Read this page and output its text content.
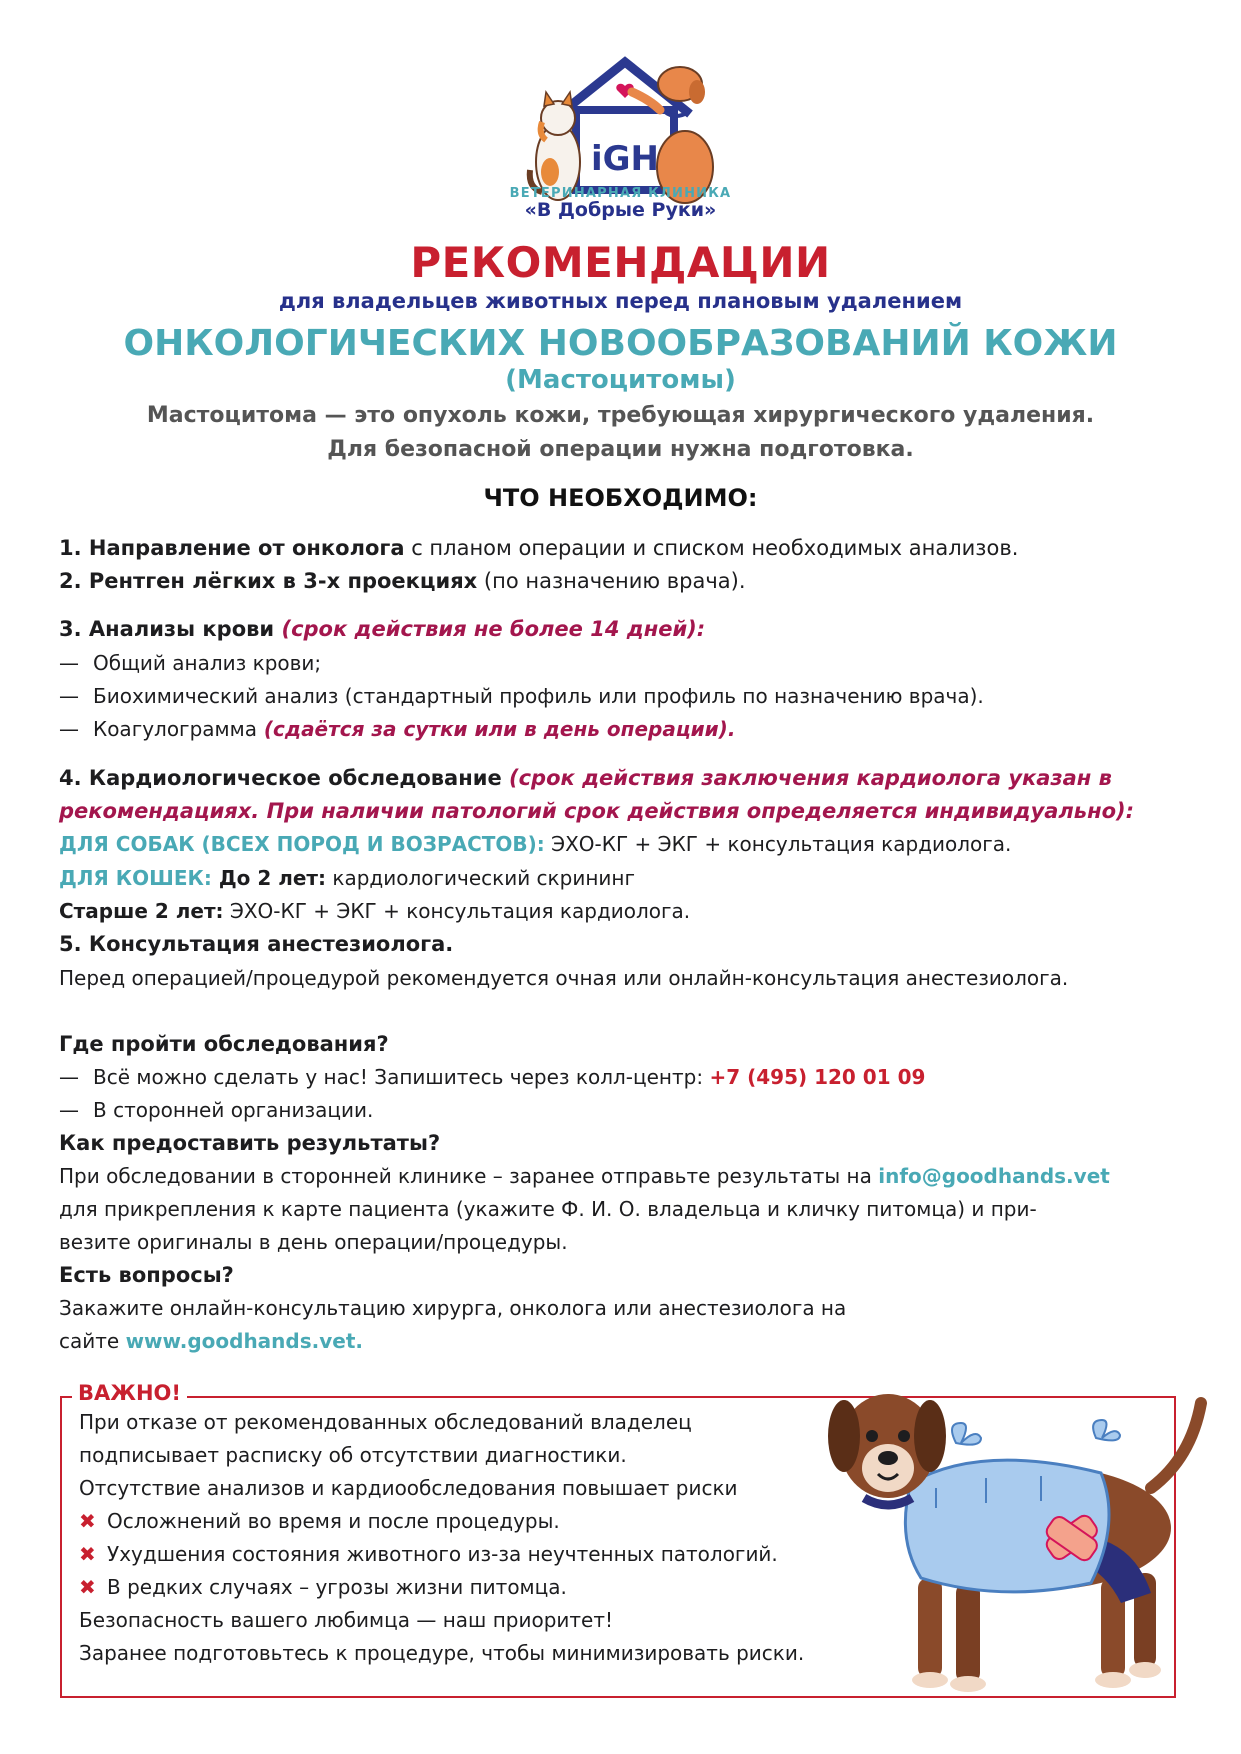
iGH
ВЕТЕРИНАРНАЯ КЛИНИКА
«В Добрые Руки»
РЕКОМЕНДАЦИИ
для владельцев животных перед плановым удалением
ОНКОЛОГИЧЕСКИХ НОВООБРАЗОВАНИЙ КОЖИ
(Мастоцитомы)
Мастоцитома — это опухоль кожи, требующая хирургического удаления.
Для безопасной операции нужна подготовка.
ЧТО НЕОБХОДИМО:
1. Направление от онколога с планом операции и списком необходимых анализов.
2. Рентген лёгких в 3-х проекциях (по назначению врача).
3. Анализы крови (срок действия не более 14 дней):
— Общий анализ крови;
— Биохимический анализ (стандартный профиль или профиль по назначению врача).
— Коагулограмма (сдаётся за сутки или в день операции).
4. Кардиологическое обследование (срок действия заключения кардиолога указан в
рекомендациях. При наличии патологий срок действия определяется индивидуально):
ДЛЯ СОБАК (ВСЕХ ПОРОД И ВОЗРАСТОВ): ЭХО-КГ + ЭКГ + консультация кардиолога.
ДЛЯ КОШЕК: До 2 лет: кардиологический скрининг
Старше 2 лет: ЭХО-КГ + ЭКГ + консультация кардиолога.
5. Консультация анестезиолога.
Перед операцией/процедурой рекомендуется очная или онлайн-консультация анестезиолога.
Где пройти обследования?
— Всё можно сделать у нас! Запишитесь через колл-центр: +7 (495) 120 01 09
— В сторонней организации.
Как предоставить результаты?
При обследовании в сторонней клинике – заранее отправьте результаты на info@goodhands.vet
для прикрепления к карте пациента (укажите Ф. И. О. владельца и кличку питомца) и при-
везите оригиналы в день операции/процедуры.
Есть вопросы?
Закажите онлайн-консультацию хирурга, онколога или анестезиолога на
сайте www.goodhands.vet.
ВАЖНО!
При отказе от рекомендованных обследований владелец
подписывает расписку об отсутствии диагностики.
Отсутствие анализов и кардиообследования повышает риски
✖ Осложнений во время и после процедуры.
✖ Ухудшения состояния животного из-за неучтенных патологий.
✖ В редких случаях – угрозы жизни питомца.
Безопасность вашего любимца — наш приоритет!
Заранее подготовьтесь к процедуре, чтобы минимизировать риски.
